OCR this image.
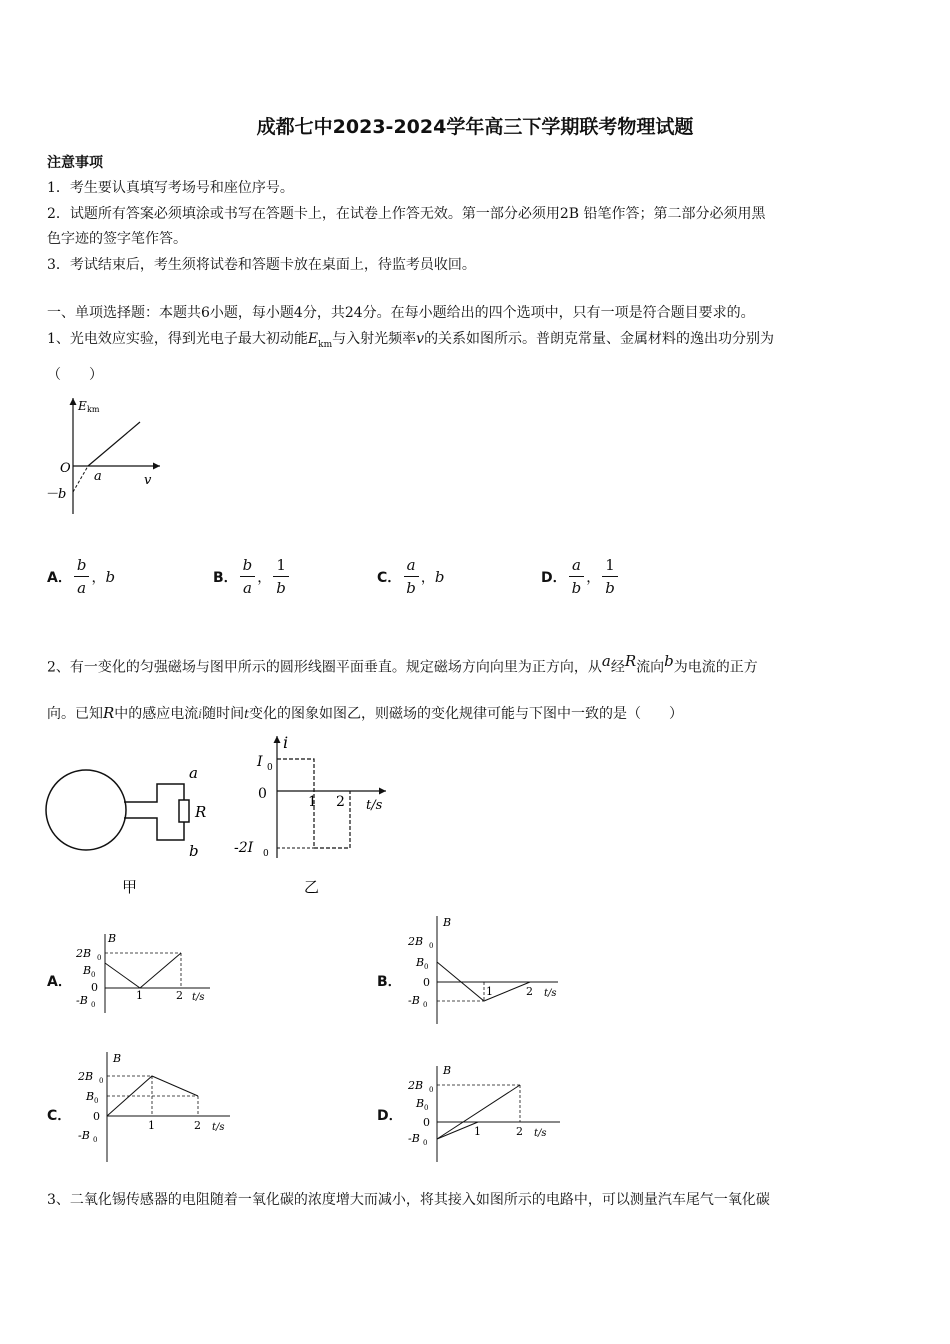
成都七中2023-2024学年高三下学期联考物理试题
注意事项
1．考生要认真填写考场号和座位序号。
2．试题所有答案必须填涂或书写在答题卡上，在试卷上作答无效。第一部分必须用2B 铅笔作答；第二部分必须用黑
色字迹的签字笔作答。
3．考试结束后，考生须将试卷和答题卡放在桌面上，待监考员收回。
一、单项选择题：本题共6小题，每小题4分，共24分。在每小题给出的四个选项中，只有一项是符合题目要求的。
1、光电效应实验，得到光电子最大初动能$E_{km}$与入射光频率v的关系如图所示。普朗克常量、金属材料的逸出功分别为
（　　）
E km
O
a	v
－b
A． $\frac{b}{a}$ ， b	B． $\frac{b}{a}$ ， $\frac{1}{b}$	C． $\frac{a}{b}$ ， b	D． $\frac{a}{b}$ ， $\frac{1}{b}$
2、有一变化的匀强磁场与图甲所示的圆形线圈平面垂直。规定磁场方向向里为正方向，从$^a$经$^R$流向$^b$为电流的正方
向。已知R中的感应电流i随时间t变化的图象如图乙，则磁场的变化规律可能与下图中一致的是（　　）
a
R
b
甲
i
I 0
0	1 2 t/s
-2I 0
乙
A．	B．
C．	D．
B
2B 0
B 0
0
-B 0
1	2 t/s
B
2B 0
B 0
0
-B 0
1	2 t/s
B
2B 0
B 0
0
-B 0
1	2 t/s
B
2B 0
B 0
0
-B 0
1	2 t/s
3、二氧化锡传感器的电阻随着一氧化碳的浓度增大而减小，将其接入如图所示的电路中，可以测量汽车尾气一氧化碳
